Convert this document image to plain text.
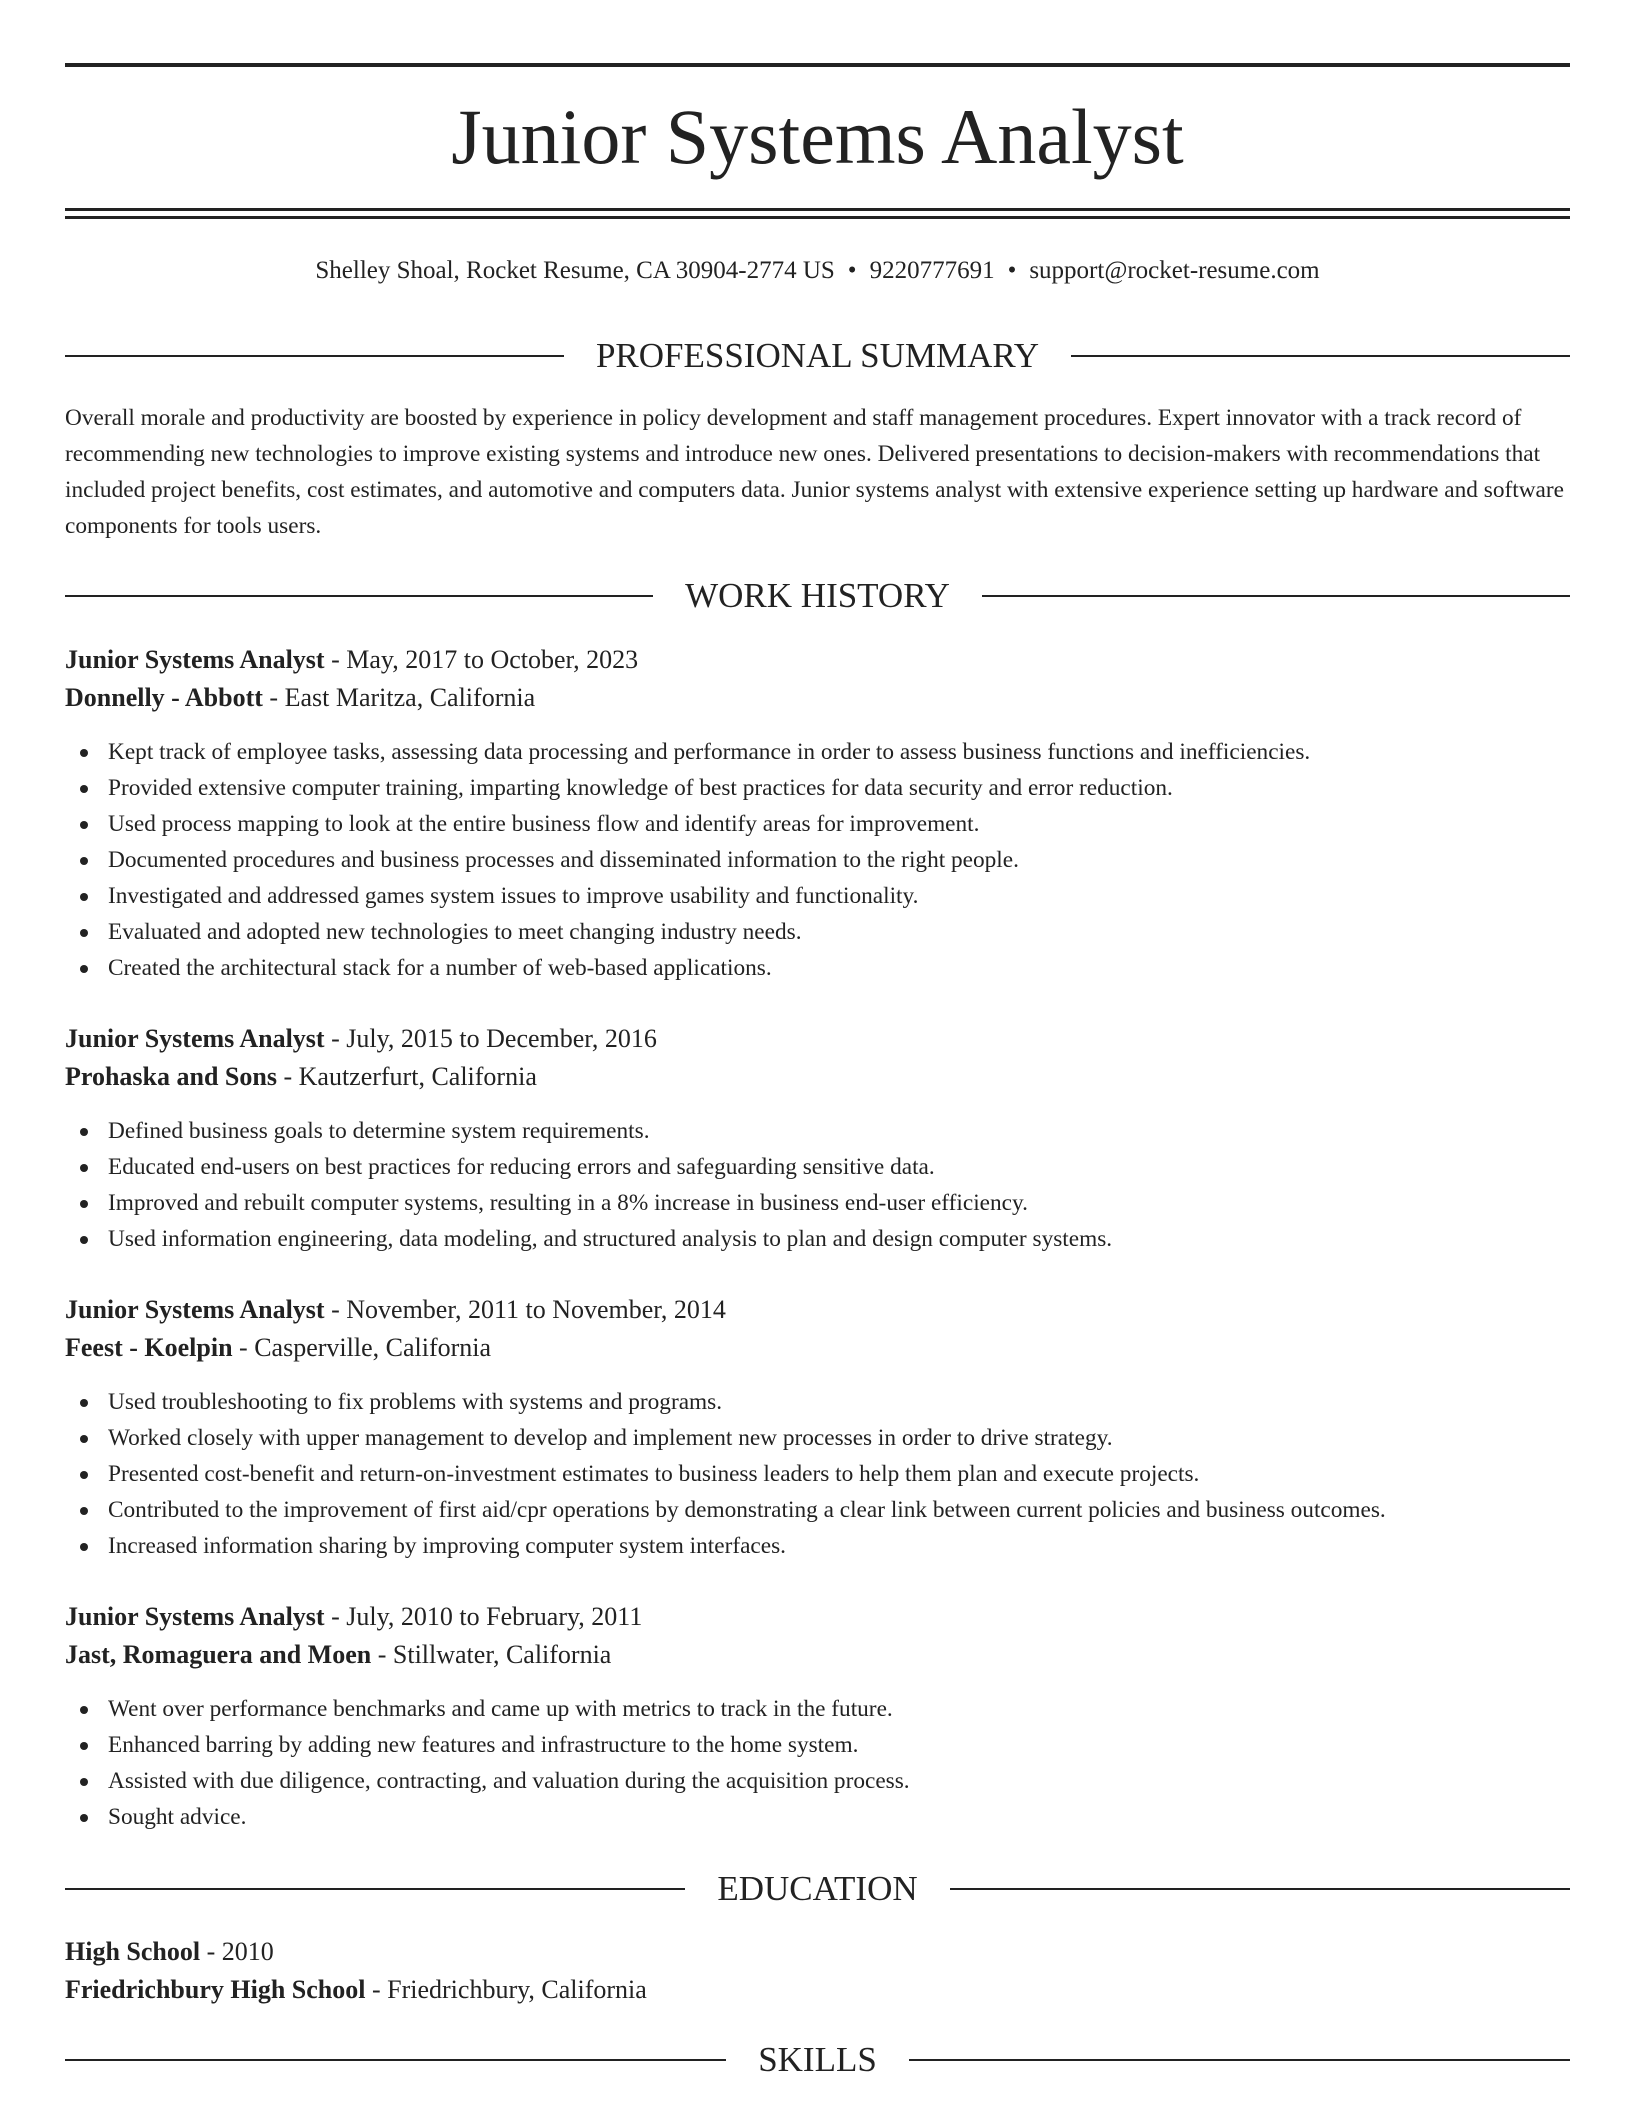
Junior Systems Analyst
Shelley Shoal, Rocket Resume, CA 30904-2774 US • 9220777691 • support@rocket-resume.com
PROFESSIONAL SUMMARY

Overall morale and productivity are boosted by experience in policy development and staff management procedures. Expert innovator with a track record of recommending new technologies to improve existing systems and introduce new ones. Delivered presentations to decision-makers with recommendations that included project benefits, cost estimates, and automotive and computers data. Junior systems analyst with extensive experience setting up hardware and software components for tools users.

WORK HISTORY
Junior Systems Analyst - May, 2017 to October, 2023
Donnelly - Abbott - East Maritza, California
Kept track of employee tasks, assessing data processing and performance in order to assess business functions and inefficiencies.
Provided extensive computer training, imparting knowledge of best practices for data security and error reduction.
Used process mapping to look at the entire business flow and identify areas for improvement.
Documented procedures and business processes and disseminated information to the right people.
Investigated and addressed games system issues to improve usability and functionality.
Evaluated and adopted new technologies to meet changing industry needs.
Created the architectural stack for a number of web-based applications.
Junior Systems Analyst - July, 2015 to December, 2016
Prohaska and Sons - Kautzerfurt, California
Defined business goals to determine system requirements.
Educated end-users on best practices for reducing errors and safeguarding sensitive data.
Improved and rebuilt computer systems, resulting in a 8% increase in business end-user efficiency.
Used information engineering, data modeling, and structured analysis to plan and design computer systems.
Junior Systems Analyst - November, 2011 to November, 2014
Feest - Koelpin - Casperville, California
Used troubleshooting to fix problems with systems and programs.
Worked closely with upper management to develop and implement new processes in order to drive strategy.
Presented cost-benefit and return-on-investment estimates to business leaders to help them plan and execute projects.
Contributed to the improvement of first aid/cpr operations by demonstrating a clear link between current policies and business outcomes.
Increased information sharing by improving computer system interfaces.
Junior Systems Analyst - July, 2010 to February, 2011
Jast, Romaguera and Moen - Stillwater, California
Went over performance benchmarks and came up with metrics to track in the future.
Enhanced barring by adding new features and infrastructure to the home system.
Assisted with due diligence, contracting, and valuation during the acquisition process.
Sought advice.
EDUCATION
High School - 2010
Friedrichbury High School - Friedrichbury, California
SKILLS
